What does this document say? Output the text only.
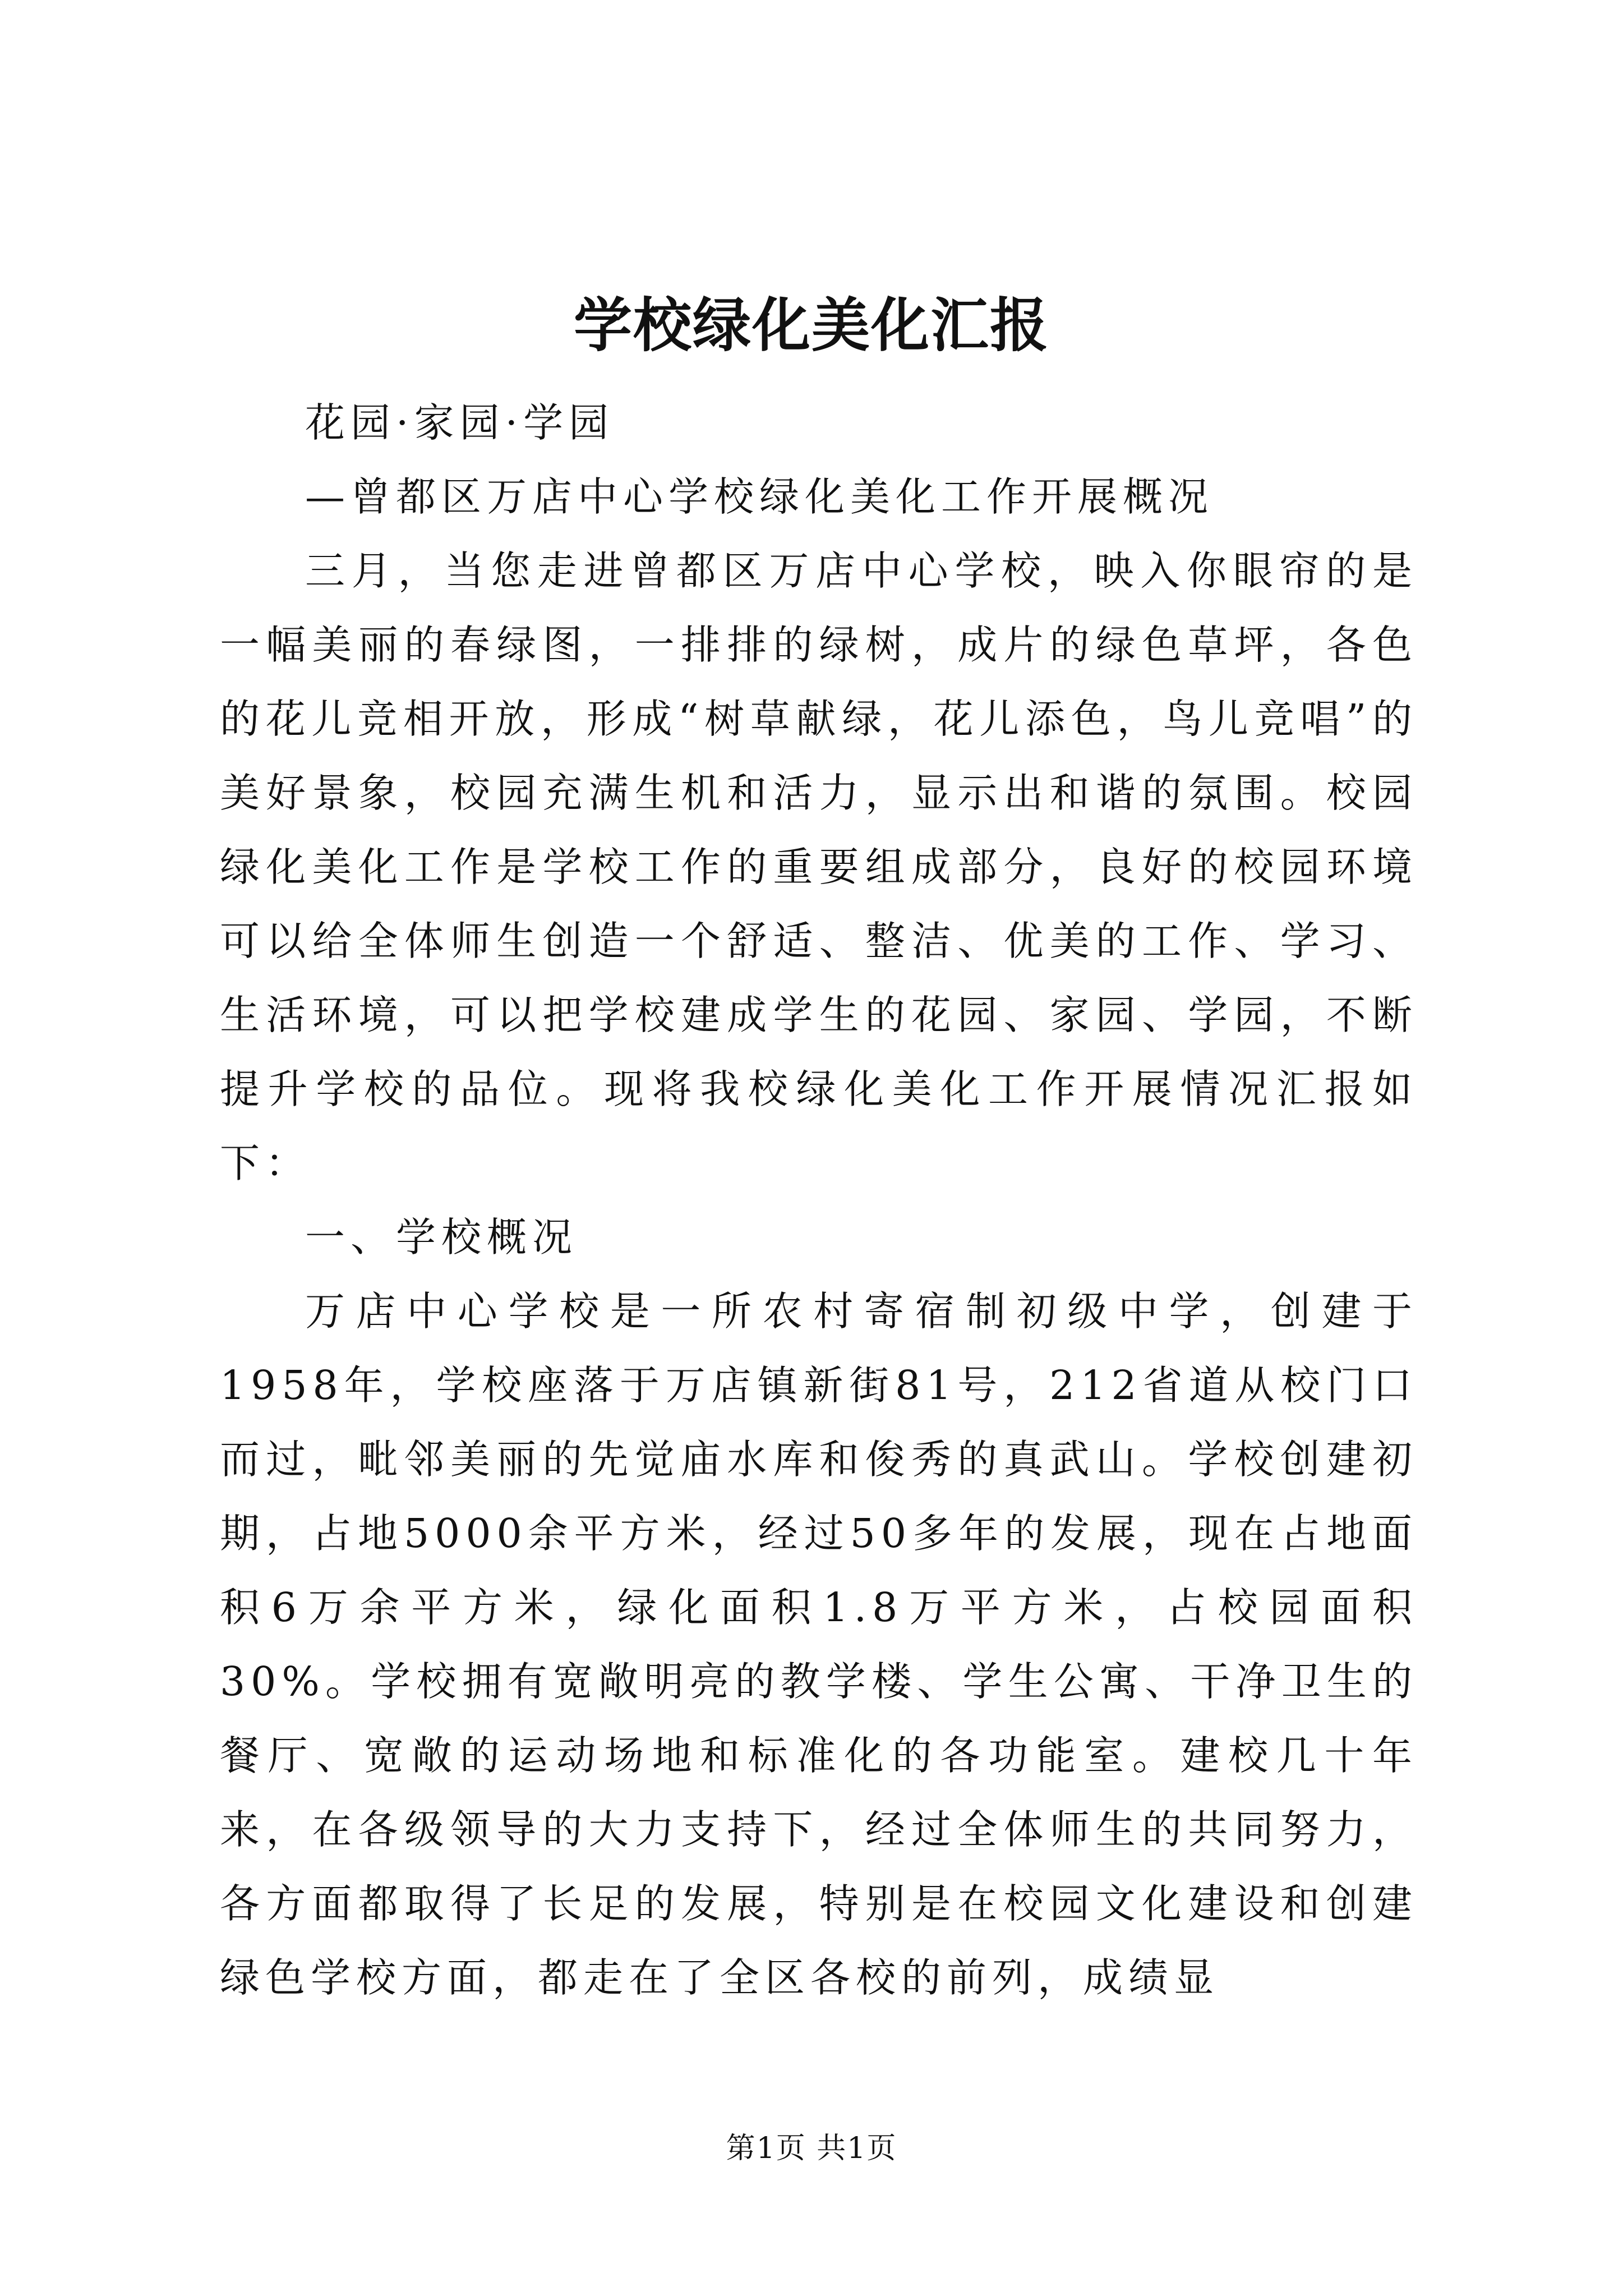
学校绿化美化汇报

花园·家园·学园

—曾都区万店中心学校绿化美化工作开展概况

三月，当您走进曾都区万店中心学校，映入你眼帘的是一幅美丽的春绿图，一排排的绿树，成片的绿色草坪，各色的花儿竞相开放，形成“树草献绿，花儿添色，鸟儿竞唱”的美好景象，校园充满生机和活力，显示出和谐的氛围。校园绿化美化工作是学校工作的重要组成部分，良好的校园环境可以给全体师生创造一个舒适、整洁、优美的工作、学习、生活环境，可以把学校建成学生的花园、家园、学园，不断提升学校的品位。现将我校绿化美化工作开展情况汇报如下：

一、学校概况

万店中心学校是一所农村寄宿制初级中学，创建于1958年，学校座落于万店镇新街81号，212省道从校门口而过，毗邻美丽的先觉庙水库和俊秀的真武山。学校创建初期，占地5000余平方米，经过50多年的发展，现在占地面积6万余平方米，绿化面积1.8万平方米，占校园面积30%。学校拥有宽敞明亮的教学楼、学生公寓、干净卫生的餐厅、宽敞的运动场地和标准化的各功能室。建校几十年来，在各级领导的大力支持下，经过全体师生的共同努力，各方面都取得了长足的发展，特别是在校园文化建设和创建绿色学校方面，都走在了全区各校的前列，成绩显

第1页 共1页
